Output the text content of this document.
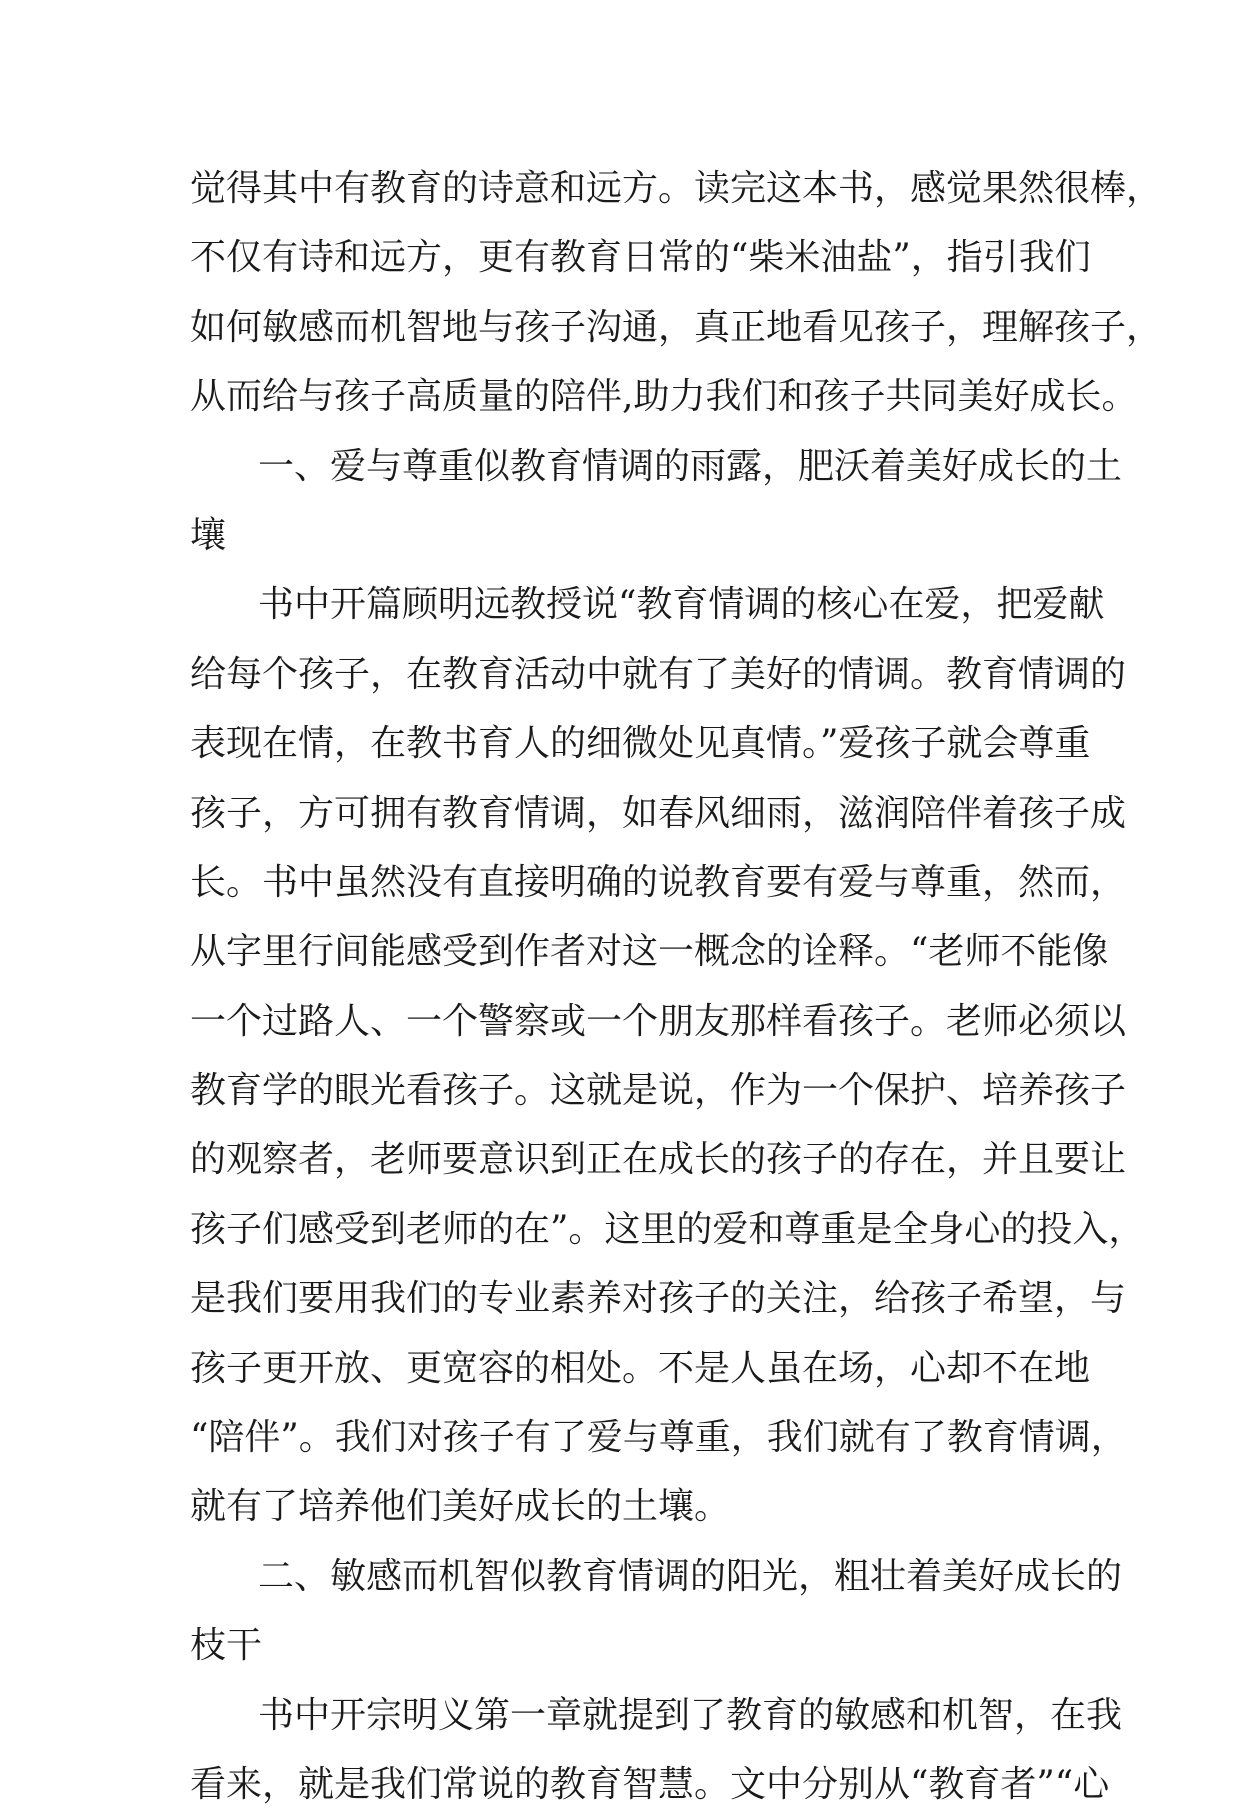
觉得其中有教育的诗意和远方。读完这本书，感觉果然很棒，
不仅有诗和远方，更有教育日常的“柴米油盐”，指引我们
如何敏感而机智地与孩子沟通，真正地看见孩子，理解孩子，
从而给与孩子高质量的陪伴,助力我们和孩子共同美好成长。
一、爱与尊重似教育情调的雨露，肥沃着美好成长的土
壤
书中开篇顾明远教授说“教育情调的核心在爱，把爱献
给每个孩子，在教育活动中就有了美好的情调。教育情调的
表现在情，在教书育人的细微处见真情。”爱孩子就会尊重
孩子，方可拥有教育情调，如春风细雨，滋润陪伴着孩子成
长。书中虽然没有直接明确的说教育要有爱与尊重，然而，
从字里行间能感受到作者对这一概念的诠释。“老师不能像
一个过路人、一个警察或一个朋友那样看孩子。老师必须以
教育学的眼光看孩子。这就是说，作为一个保护、培养孩子
的观察者，老师要意识到正在成长的孩子的存在，并且要让
孩子们感受到老师的在”。这里的爱和尊重是全身心的投入，
是我们要用我们的专业素养对孩子的关注，给孩子希望，与
孩子更开放、更宽容的相处。不是人虽在场，心却不在地
“陪伴”。我们对孩子有了爱与尊重，我们就有了教育情调，
就有了培养他们美好成长的土壤。
二、敏感而机智似教育情调的阳光，粗壮着美好成长的
枝干
书中开宗明义第一章就提到了教育的敏感和机智，在我
看来，就是我们常说的教育智慧。文中分别从“教育者”“心
